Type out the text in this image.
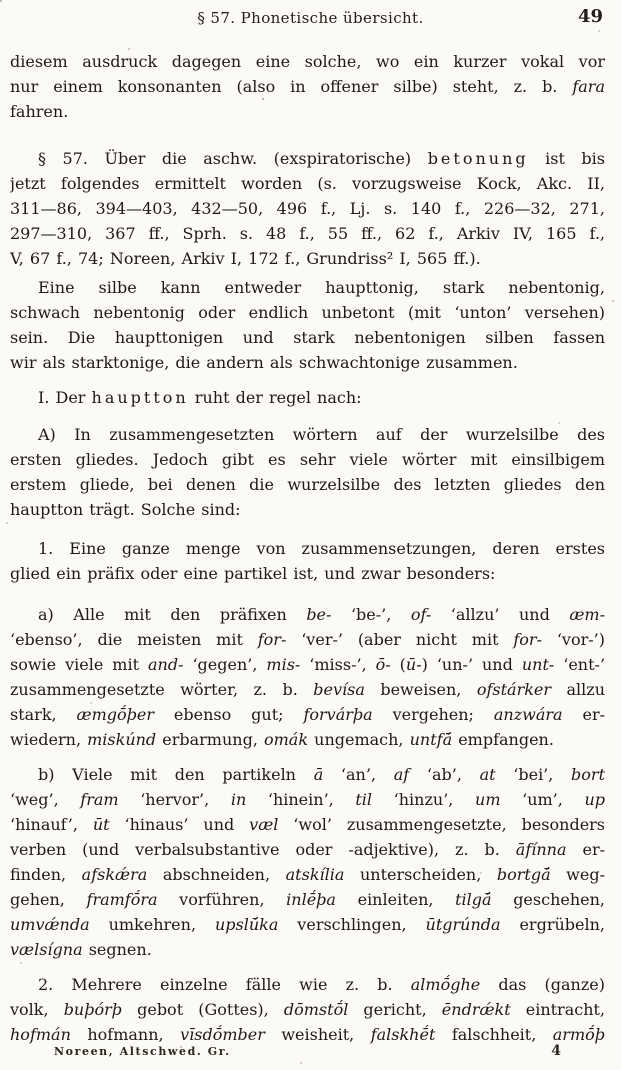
§ 57. Phonetische übersicht.	49
diesem ausdruck dagegen eine solche, wo ein kurzer vokal vor
nur einem konsonanten (also in offener silbe) steht, z. b. fara
fahren.
§ 57. Über die aschw. (exspiratorische) betonung ist bis
jetzt folgendes ermittelt worden (s. vorzugsweise Kock, Akc. II,
311—86, 394—403, 432—50, 496 f., Lj. s. 140 f., 226—32, 271,
297—310, 367 ff., Sprh. s. 48 f., 55 ff., 62 f., Arkiv IV, 165 f.,
V, 67 f., 74; Noreen, Arkiv I, 172 f., Grundriss² I, 565 ff.).
Eine silbe kann entweder haupttonig, stark nebentonig,
schwach nebentonig oder endlich unbetont (mit ‘unton’ versehen)
sein. Die haupttonigen und stark nebentonigen silben fassen
wir als starktonige, die andern als schwachtonige zusammen.
I. Der hauptton ruht der regel nach:
A) In zusammengesetzten wörtern auf der wurzelsilbe des
ersten gliedes. Jedoch gibt es sehr viele wörter mit einsilbigem
erstem gliede, bei denen die wurzelsilbe des letzten gliedes den
hauptton trägt. Solche sind:
1. Eine ganze menge von zusammensetzungen, deren erstes
glied ein präfix oder eine partikel ist, und zwar besonders:
a) Alle mit den präfixen be- ‘be-’, of- ‘allzu’ und æm-
‘ebenso’, die meisten mit for- ‘ver-’ (aber nicht mit for- ‘vor-’)
sowie viele mit and- ‘gegen’, mis- ‘miss-’, ō- (ū-) ‘un-’ und unt- ‘ent-’
zusammengesetzte wörter, z. b. bevísa beweisen, ofstárker allzu
stark, æmgṓþer ebenso gut; forvárþa vergehen; anzwára er-
wiedern, miskúnd erbarmung, omák ungemach, untfā́ empfangen.
b) Viele mit den partikeln ā ‘an’, af ‘ab’, at ‘bei’, bort
‘weg’, fram ‘hervor’, in ‘hinein’, til ‘hinzu’, um ‘um’, up
‘hinauf’, ūt ‘hinaus’ und væl ‘wol’ zusammengesetzte, besonders
verben (und verbalsubstantive oder -adjektive), z. b. āfínna er-
finden, afskǽra abschneiden, atskília unterscheiden, bortgā́ weg-
gehen, framfṓra vorführen, inlḗþa einleiten, tilgā́ geschehen,
umvǽnda umkehren, upslū́ka verschlingen, ūtgrúnda ergrübeln,
vælsígna segnen.
2. Mehrere einzelne fälle wie z. b. almṓghe das (ganze)
volk, buþórþ gebot (Gottes), dōmstṓl gericht, ēndrǽkt eintracht,
hofmán hofmann, vīsdṓmber weisheit, falskhḗt falschheit, armṓþ
Noreen, Altschwed. Gr.	4
